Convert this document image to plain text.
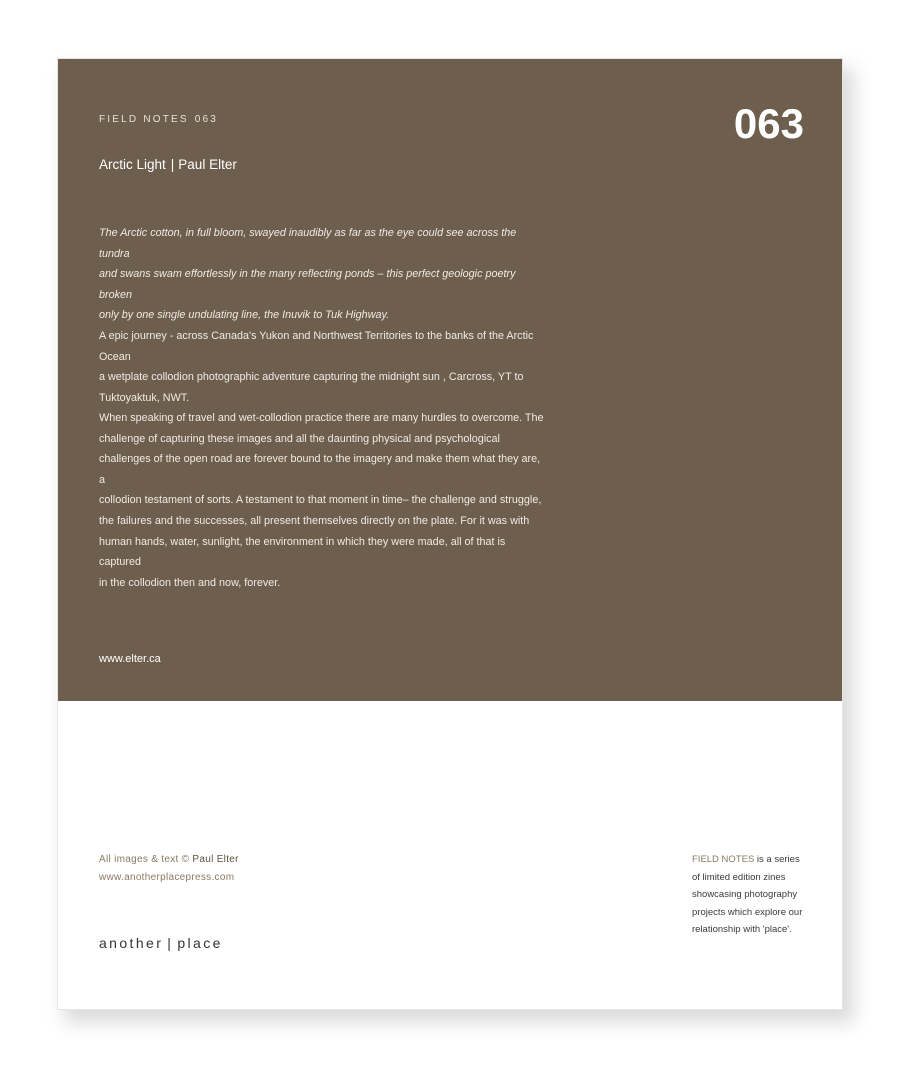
FIELD NOTES 063	063
Arctic Light | Paul Elter
The Arctic cotton, in full bloom, swayed inaudibly as far as the eye could see across the tundra
and swans swam effortlessly in the many reflecting ponds – this perfect geologic poetry broken
only by one single undulating line, the Inuvik to Tuk Highway.
A epic journey - across Canada's Yukon and Northwest Territories to the banks of the Arctic Ocean
a wetplate collodion photographic adventure capturing the midnight sun , Carcross, YT to
Tuktoyaktuk, NWT.
When speaking of travel and wet-collodion practice there are many hurdles to overcome. The
challenge of capturing these images and all the daunting physical and psychological
challenges of the open road are forever bound to the imagery and make them what they are, a
collodion testament of sorts. A testament to that moment in time– the challenge and struggle,
the failures and the successes, all present themselves directly on the plate. For it was with
human hands, water, sunlight, the environment in which they were made, all of that is captured
in the collodion then and now, forever.
www.elter.ca
All images & text © Paul Elter
www.anotherplacepress.com
another | place
FIELD NOTES is a series
of limited edition zines
showcasing photography
projects which explore our
relationship with 'place'.
